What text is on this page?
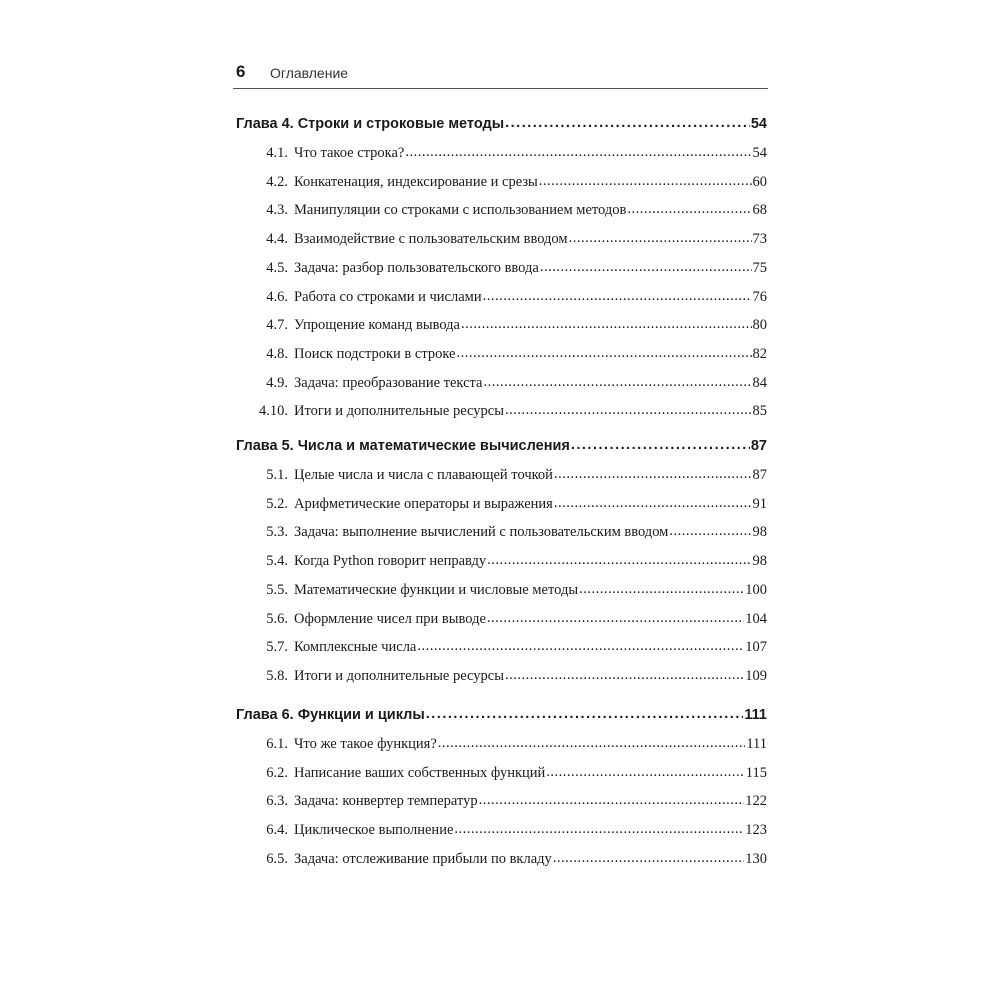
6 Оглавление
Глава 4. Строки и строковые методы .....	54
4.1. Что такое строка? .....	54
4.2. Конкатенация, индексирование и срезы .....	60
4.3. Манипуляции со строками с использованием методов .....	68
4.4. Взаимодействие с пользовательским вводом .....	73
4.5. Задача: разбор пользовательского ввода .....	75
4.6. Работа со строками и числами .....	76
4.7. Упрощение команд вывода .....	80
4.8. Поиск подстроки в строке .....	82
4.9. Задача: преобразование текста .....	84
4.10. Итоги и дополнительные ресурсы .....	85
Глава 5. Числа и математические вычисления .....	87
5.1. Целые числа и числа с плавающей точкой .....	87
5.2. Арифметические операторы и выражения .....	91
5.3. Задача: выполнение вычислений с пользовательским вводом .....	98
5.4. Когда Python говорит неправду .....	98
5.5. Математические функции и числовые методы .....	100
5.6. Оформление чисел при выводе .....	104
5.7. Комплексные числа .....	107
5.8. Итоги и дополнительные ресурсы .....	109
Глава 6. Функции и циклы .....	111
6.1. Что же такое функция? .....	111
6.2. Написание ваших собственных функций .....	115
6.3. Задача: конвертер температур .....	122
6.4. Циклическое выполнение .....	123
6.5. Задача: отслеживание прибыли по вкладу .....	130
